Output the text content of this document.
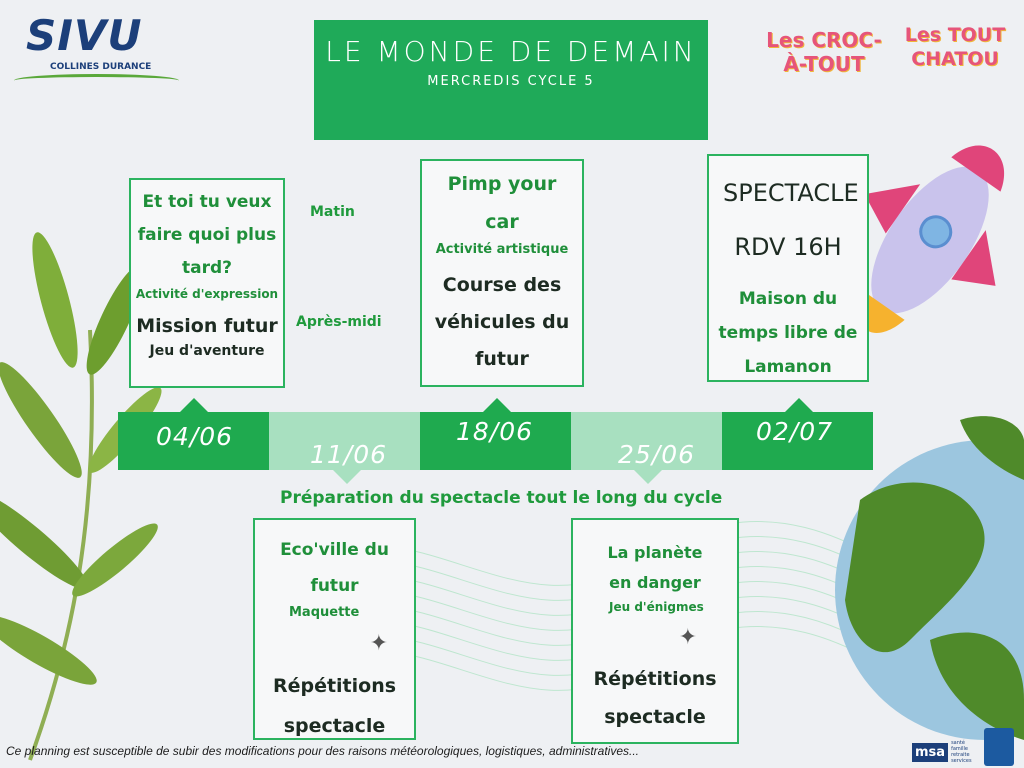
SIVU
COLLINES DURANCE
Les CROC-À-TOUT
Les TOUT CHATOU
LE MONDE DE DEMAIN
MERCREDIS CYCLE 5
Matin
Après-midi
Et toi tu veux faire quoi plus tard?
Activité d'expression
Mission futur
Jeu d'aventure
Pimp your car
Activité artistique
Course des véhicules du futur
SPECTACLE RDV 16H
Maison du temps libre de Lamanon
04/06
11/06
18/06
25/06
02/07
Préparation du spectacle tout le long du cycle
Eco'ville du futur
Maquette
✦
Répétitions spectacle
La planète en danger
Jeu d'énigmes
✦
Répétitions spectacle
msa
santé famille retraite services
Ce planning est susceptible de subir des modifications pour des raisons météorologiques, logistiques, administratives...
